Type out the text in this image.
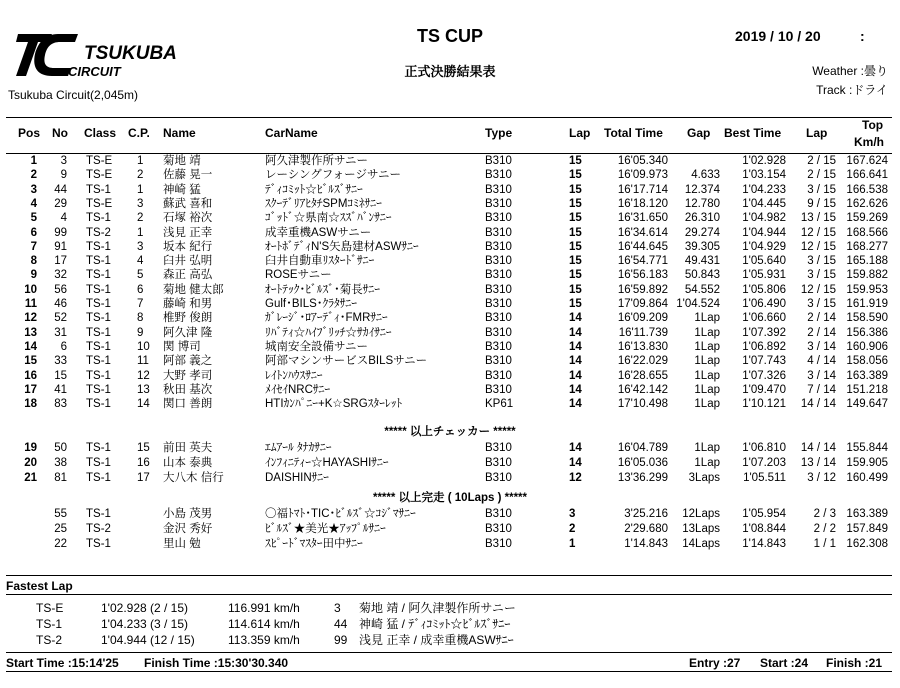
TSUKUBA
CIRCUIT
Tsukuba Circuit(2,045m)
TS CUP
正式決勝結果表
2019 / 10 / 20	:
Weather :曇り
Track :ドライ
Pos No Class C.P. Name	CarName	Type	Lap Total Time Gap Best Time Lap
Top
Km/h
1 3 TS-E 1 菊地 靖	阿久津製作所サニー	B310	15	16'05.340	1'02.928 2 / 15 167.624
2 9 TS-E 2 佐藤 晃一	レーシングフォージサニー	B310	15	16'09.973 4.633 1'03.154 2 / 15 166.641
3 44 TS-1 1 神崎 猛	ﾃﾞｨｺﾐｯﾄ☆ﾋﾞﾙｽﾞｻﾆｰ	B310	15	16'17.714 12.374 1'04.233 3 / 15 166.538
4 29 TS-E 3 蘇武 喜和	ｽｸｰﾃﾞﾘｱﾋﾀﾁSPMｺﾐﾈｻﾆｰ	B310	15	16'18.120 12.780 1'04.445 9 / 15 162.626
5 4 TS-1 2 石塚 裕次	ｺﾞｯﾄﾞ☆県南☆ｽｽﾞﾊﾞﾝｻﾆｰ	B310	15	16'31.650 26.310 1'04.982 13 / 15 159.269
6 99 TS-2 1 浅見 正幸	成幸重機ASWサニー	B310	15	16'34.614 29.274 1'04.944 12 / 15 168.566
7 91 TS-1 3 坂本 紀行	ｵｰﾄﾎﾞﾃﾞｨN'S矢島建材ASWｻﾆｰ	B310	15	16'44.645 39.305 1'04.929 12 / 15 168.277
8 17 TS-1 4 臼井 弘明	臼井自動車ﾘｽﾀｰﾄﾞｻﾆｰ	B310	15	16'54.771 49.431 1'05.640 3 / 15 165.188
9 32 TS-1 5 森正 高弘	ROSEサニー	B310	15	16'56.183 50.843 1'05.931 3 / 15 159.882
10 56 TS-1 6 菊地 健太郎	ｵｰﾄﾃｯｸ･ﾋﾞﾙｽﾞ･菊長ｻﾆｰ	B310	15	16'59.892 54.552 1'05.806 12 / 15 159.953
11 46 TS-1 7 藤崎 和男	Gulf･BILS･ｸﾗﾀｻﾆｰ	B310	15	17'09.864 1'04.524 1'06.490 3 / 15 161.919
12 52 TS-1 8 椎野 俊朗	ｶﾞﾚｰｼﾞ･ﾛｱｰﾃﾞｨ･FMRｻﾆｰ	B310	14	16'09.209 1Lap 1'06.660 2 / 14 158.590
13 31 TS-1 9 阿久津 隆	ﾘﾊﾞﾃｨ☆ﾊｲﾌﾞﾘｯﾁ☆ｻｶｲｻﾆｰ	B310	14	16'11.739 1Lap 1'07.392 2 / 14 156.386
14 6 TS-1 10 関 博司	城南安全設備サニー	B310	14	16'13.830 1Lap 1'06.892 3 / 14 160.906
15 33 TS-1 11 阿部 義之	阿部マシンサービスBILSサニー	B310	14	16'22.029 1Lap 1'07.743 4 / 14 158.056
16 15 TS-1 12 大野 孝司	ﾚｲﾄﾝﾊｳｽｻﾆｰ	B310	14	16'28.655 1Lap 1'07.326 3 / 14 163.389
17 41 TS-1 13 秋田 基次	ﾒｲｾｲNRCｻﾆｰ	B310	14	16'42.142 1Lap 1'09.470 7 / 14 151.218
18 83 TS-1 14 関口 善朗	HTIｶﾝﾊﾟﾆｰ+K☆SRGｽﾀｰﾚｯﾄ	KP61	14	17'10.498 1Lap 1'10.121 14 / 14 149.647
***** 以上チェッカー *****
19 50 TS-1 15 前田 英夫	ｴﾑｱｰﾙ ﾀﾅｶｻﾆｰ	B310	14	16'04.789 1Lap 1'06.810 14 / 14 155.844
20 38 TS-1 16 山本 泰典	ｲﾝﾌｨﾆﾃｨｰ☆HAYASHIｻﾆｰ	B310	14	16'05.036 1Lap 1'07.203 13 / 14 159.905
21 81 TS-1 17 大八木 信行	DAISHINｻﾆｰ	B310	12	13'36.299 3Laps 1'05.511 3 / 12 160.499
***** 以上完走 ( 10Laps ) *****
55 TS-1	小島 茂男	〇福ﾄﾏﾄ･TIC･ﾋﾞﾙｽﾞ☆ｺｼﾞﾏｻﾆｰ	B310	3	3'25.216 12Laps 1'05.954 2 / 3 163.389
25 TS-2	金沢 秀好	ﾋﾞﾙｽﾞ★美光★ｱｯﾌﾟﾙｻﾆｰ	B310	2	2'29.680 13Laps 1'08.844 2 / 2 157.849
22 TS-1	里山 勉	ｽﾋﾟｰﾄﾞﾏｽﾀｰ田中ｻﾆｰ	B310	1	1'14.843 14Laps 1'14.843 1 / 1 162.308
Fastest Lap
TS-E	1'02.928 (2 / 15)	116.991 km/h	3 菊地 靖 / 阿久津製作所サニー
TS-1	1'04.233 (3 / 15)	114.614 km/h	44 神崎 猛 / ﾃﾞｨｺﾐｯﾄ☆ﾋﾞﾙｽﾞｻﾆｰ
TS-2	1'04.944 (12 / 15)	113.359 km/h	99 浅見 正幸 / 成幸重機ASWｻﾆｰ
Start Time :15:14'25 Finish Time :15:30'30.340	Entry :27 Start :24 Finish :21
